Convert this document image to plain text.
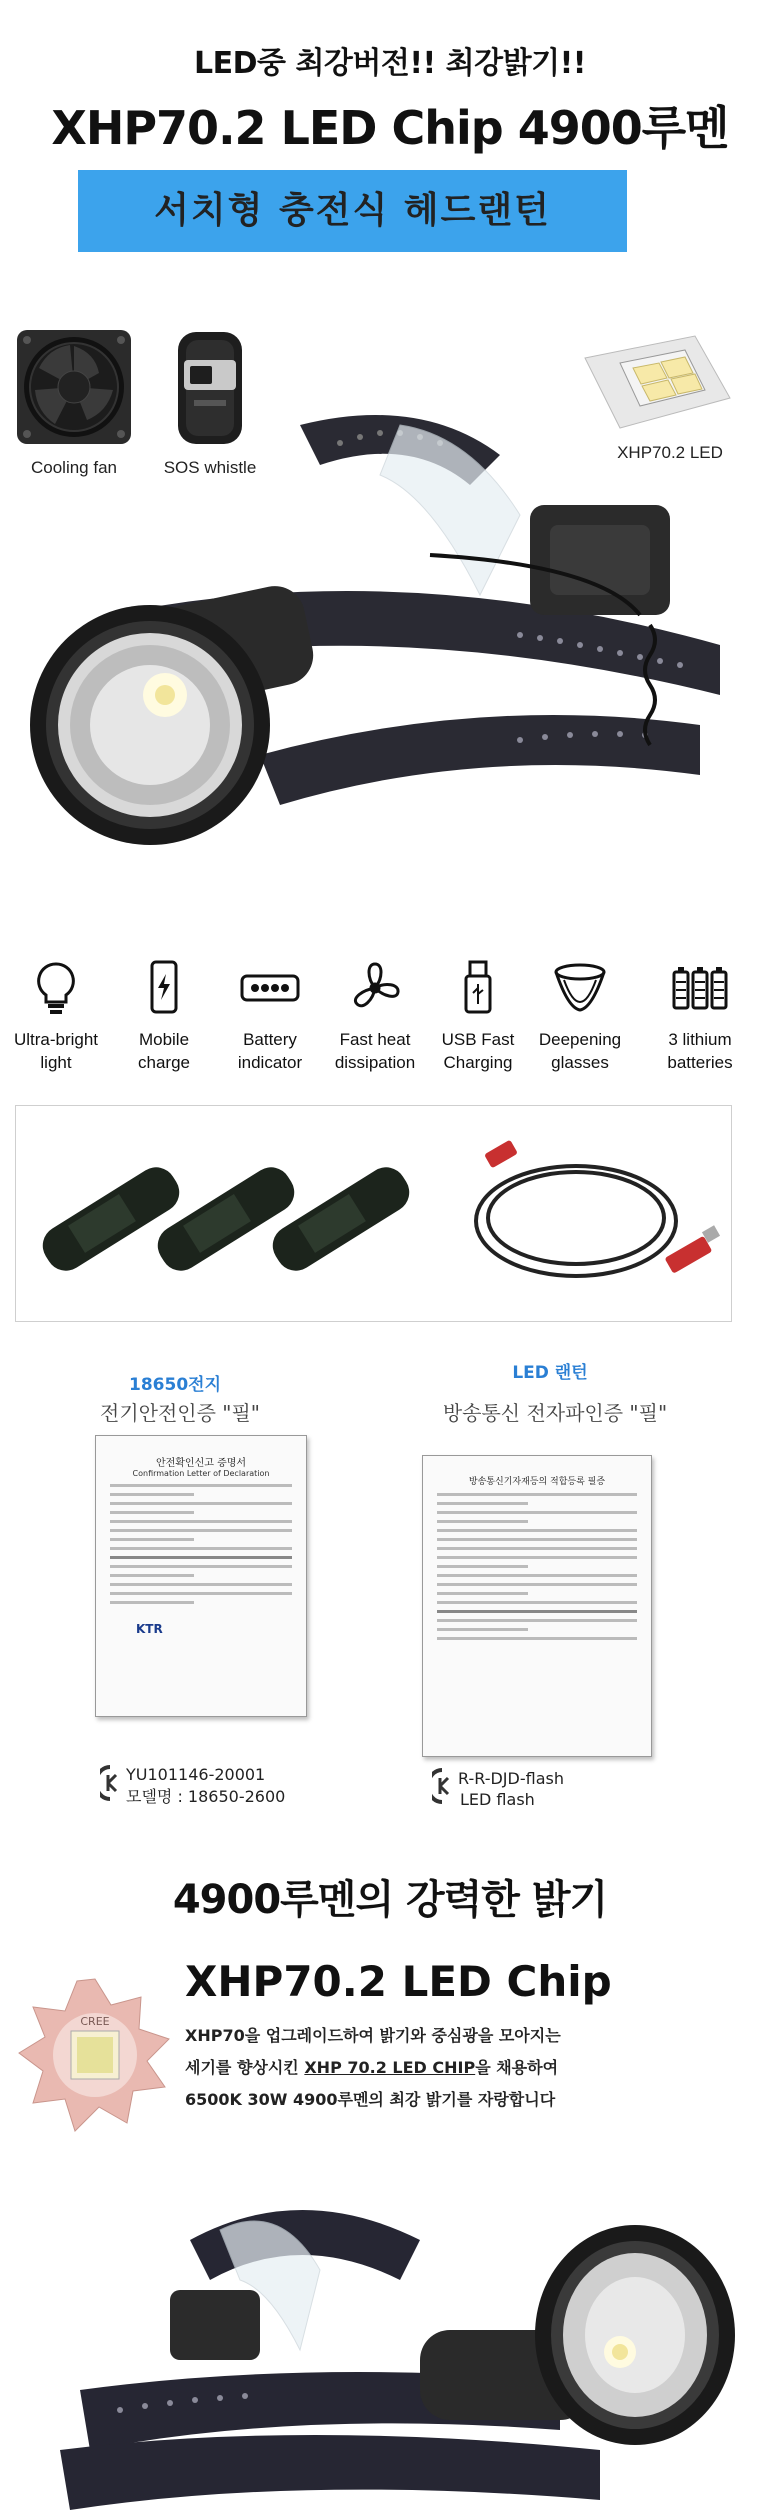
LED중 최강버전!! 최강밝기!!
XHP70.2 LED Chip 4900루멘
서치형 충전식 헤드랜턴
Cooling fan	SOS whistle
XHP70.2 LED
Ultra-bright
light
Mobile
charge
Battery
indicator
Fast heat
dissipation
USB Fast
Charging
Deepening
glasses
3 lithium
batteries
18650전지
전기안전인증 "필"
안전확인신고 증명서
Confirmation Letter of Declaration
KTR
YU101146-20001
모델명 : 18650-2600
LED 랜턴
방송통신 전자파인증 "필"
방송통신기자재등의 적합등록 필증
R-R-DJD-flash
LED flash
4900루멘의 강력한 밝기
CREE
XHP70.2 LED Chip
XHP70을 업그레이드하여 밝기와 중심광을 모아지는
세기를 향상시킨 XHP 70.2 LED CHIP을 채용하여
6500K 30W 4900루멘의 최강 밝기를 자랑합니다
